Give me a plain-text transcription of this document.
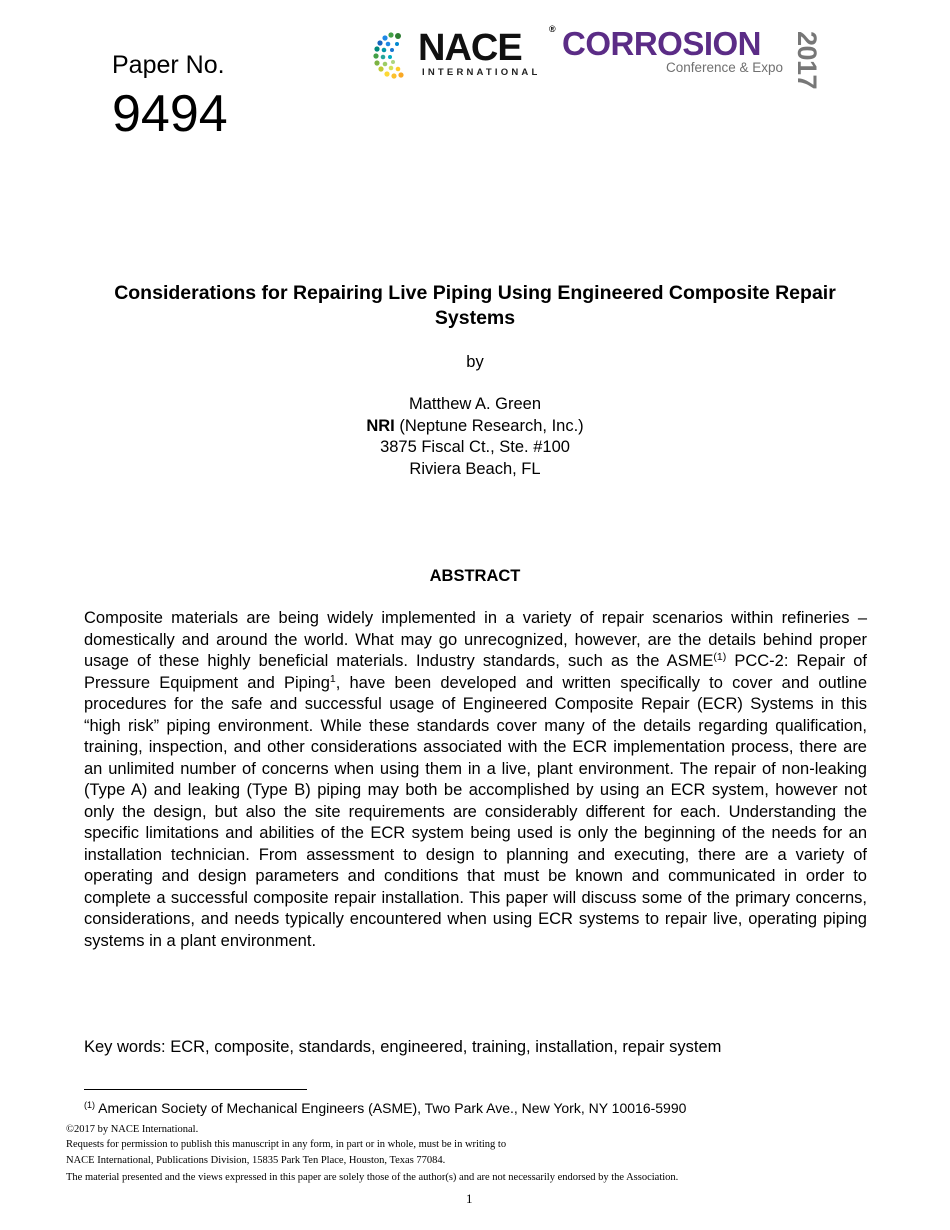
Paper No.
9494
NACE	®
INTERNATIONAL
CORROSION
Conference & Expo 2017
Considerations for Repairing Live Piping Using Engineered Composite Repair Systems
by
Matthew A. Green
NRI (Neptune Research, Inc.)
3875 Fiscal Ct., Ste. #100
Riviera Beach, FL
ABSTRACT
Composite materials are being widely implemented in a variety of repair scenarios within refineries – domestically and around the world. What may go unrecognized, however, are the details behind proper usage of these highly beneficial materials. Industry standards, such as the ASME$^{(1)}$ PCC-2: Repair of Pressure Equipment and Piping$^1$, have been developed and written specifically to cover and outline procedures for the safe and successful usage of Engineered Composite Repair (ECR) Systems in this “high risk” piping environment. While these standards cover many of the details regarding qualification, training, inspection, and other considerations associated with the ECR implementation process, there are an unlimited number of concerns when using them in a live, plant environment. The repair of non-leaking (Type A) and leaking (Type B) piping may both be accomplished by using an ECR system, however not only the design, but also the site requirements are considerably different for each. Understanding the specific limitations and abilities of the ECR system being used is only the beginning of the needs for an installation technician. From assessment to design to planning and executing, there are a variety of operating and design parameters and conditions that must be known and communicated in order to complete a successful composite repair installation. This paper will discuss some of the primary concerns, considerations, and needs typically encountered when using ECR systems to repair live, operating piping systems in a plant environment.
Key words: ECR, composite, standards, engineered, training, installation, repair system
$^{(1)}$ American Society of Mechanical Engineers (ASME), Two Park Ave., New York, NY 10016-5990
©2017 by NACE International.
Requests for permission to publish this manuscript in any form, in part or in whole, must be in writing to
NACE International, Publications Division, 15835 Park Ten Place, Houston, Texas 77084.
The material presented and the views expressed in this paper are solely those of the author(s) and are not necessarily endorsed by the Association.
1
